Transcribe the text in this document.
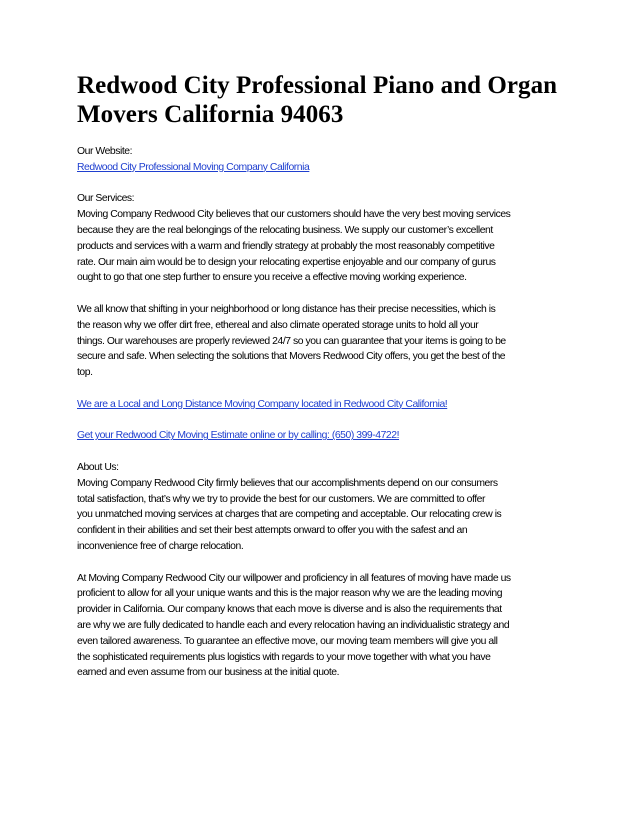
Redwood City Professional Piano and Organ
Movers California 94063

Our Website:
Redwood City Professional Moving Company California

Our Services:
Moving Company Redwood City believes that our customers should have the very best moving services
because they are the real belongings of the relocating business. We supply our customer’s excellent
products and services with a warm and friendly strategy at probably the most reasonably competitive
rate. Our main aim would be to design your relocating expertise enjoyable and our company of gurus
ought to go that one step further to ensure you receive a effective moving working experience.

We all know that shifting in your neighborhood or long distance has their precise necessities, which is
the reason why we offer dirt free, ethereal and also climate operated storage units to hold all your
things. Our warehouses are properly reviewed 24/7 so you can guarantee that your items is going to be
secure and safe. When selecting the solutions that Movers Redwood City offers, you get the best of the
top.

We are a Local and Long Distance Moving Company located in Redwood City California!

Get your Redwood City Moving Estimate online or by calling: (650) 399-4722!

About Us:
Moving Company Redwood City firmly believes that our accomplishments depend on our consumers
total satisfaction, that’s why we try to provide the best for our customers. We are committed to offer
you unmatched moving services at charges that are competing and acceptable. Our relocating crew is
confident in their abilities and set their best attempts onward to offer you with the safest and an
inconvenience free of charge relocation.

At Moving Company Redwood City our willpower and proficiency in all features of moving have made us
proficient to allow for all your unique wants and this is the major reason why we are the leading moving
provider in California. Our company knows that each move is diverse and is also the requirements that
are why we are fully dedicated to handle each and every relocation having an individualistic strategy and
even tailored awareness. To guarantee an effective move, our moving team members will give you all
the sophisticated requirements plus logistics with regards to your move together with what you have
earned and even assume from our business at the initial quote.
